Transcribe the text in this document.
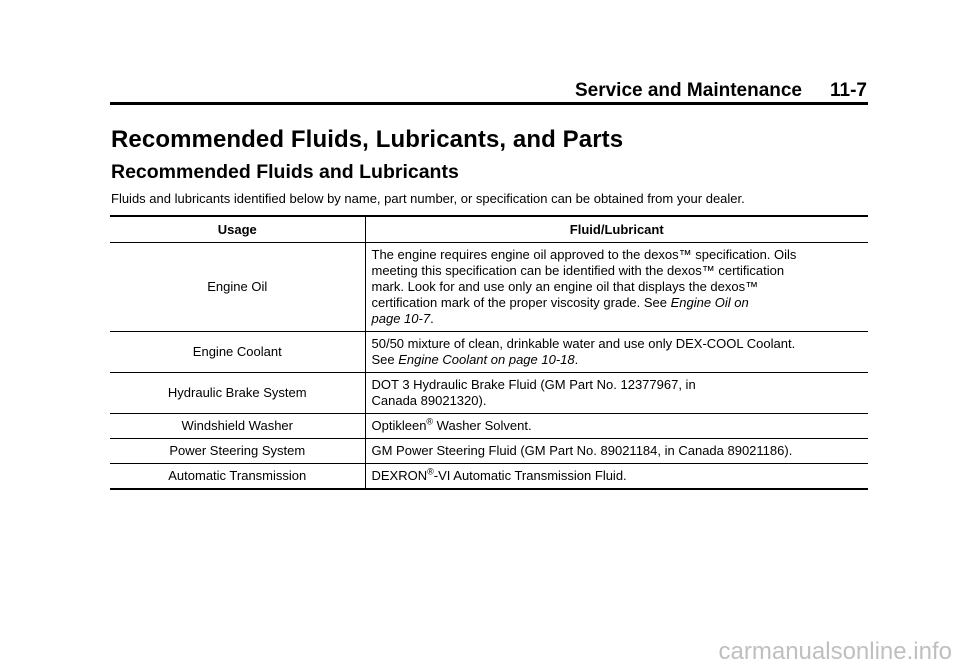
Service and Maintenance 11-7
Recommended Fluids, Lubricants, and Parts
Recommended Fluids and Lubricants
Fluids and lubricants identified below by name, part number, or specification can be obtained from your dealer.
Usage	Fluid/Lubricant
Engine Oil	The engine requires engine oil approved to the dexos™ specification. Oils
meeting this specification can be identified with the dexos™ certification
mark. Look for and use only an engine oil that displays the dexos™
certification mark of the proper viscosity grade. See Engine Oil on
page 10-7.
Engine Coolant	50/50 mixture of clean, drinkable water and use only DEX-COOL Coolant.
See Engine Coolant on page 10-18.
Hydraulic Brake System	DOT 3 Hydraulic Brake Fluid (GM Part No. 12377967, in
Canada 89021320).
Windshield Washer	Optikleen® Washer Solvent.
Power Steering System	GM Power Steering Fluid (GM Part No. 89021184, in Canada 89021186).
Automatic Transmission	DEXRON®-VI Automatic Transmission Fluid.
carmanualsonline.info
